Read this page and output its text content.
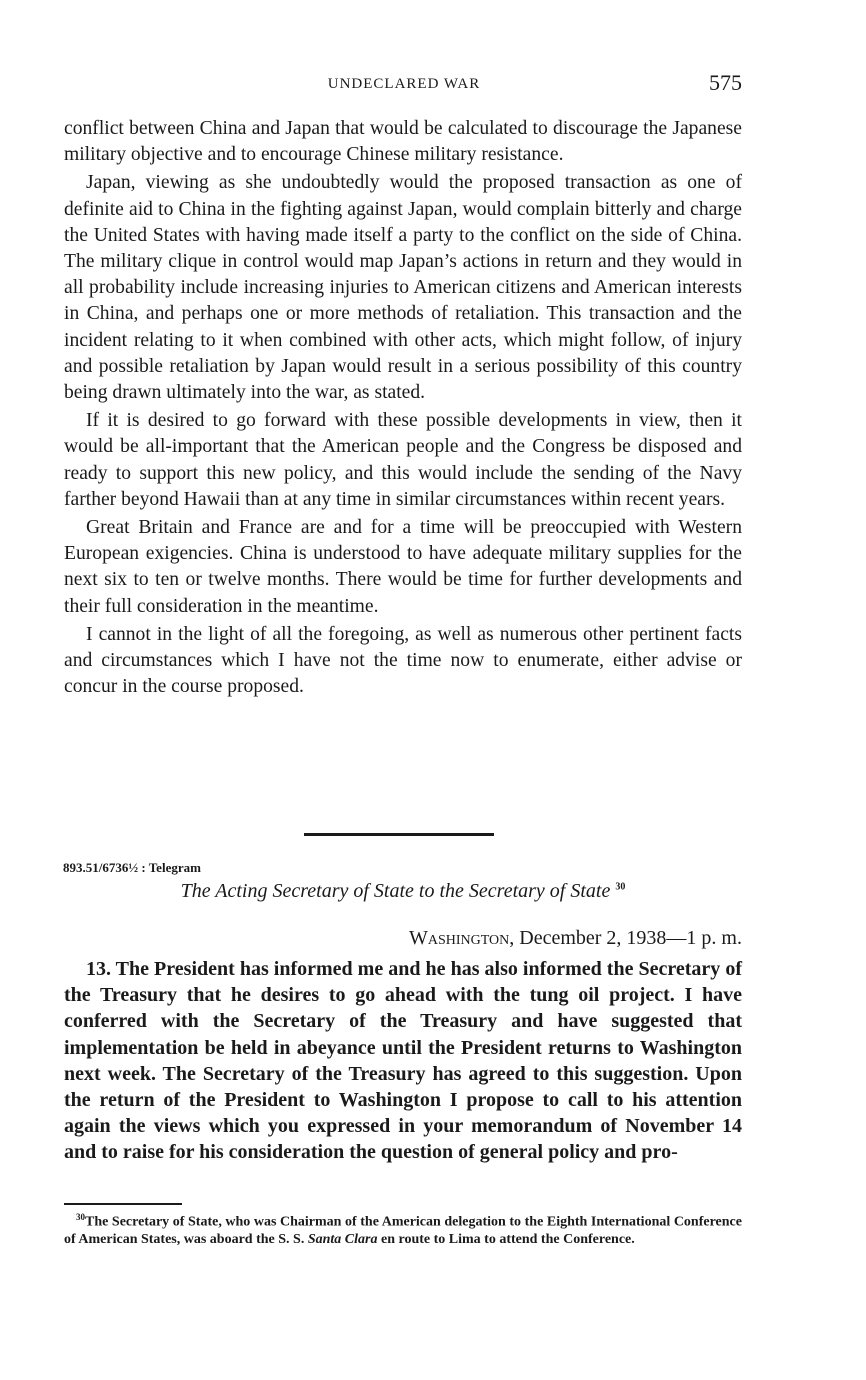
UNDECLARED WAR	575

conflict between China and Japan that would be calculated to discourage the Japanese military objective and to encourage Chinese military resistance.

Japan, viewing as she undoubtedly would the proposed transaction as one of definite aid to China in the fighting against Japan, would complain bitterly and charge the United States with having made itself a party to the conflict on the side of China. The military clique in control would map Japan’s actions in return and they would in all probability include increasing injuries to American citizens and American interests in China, and perhaps one or more methods of retaliation. This transaction and the incident relating to it when combined with other acts, which might follow, of injury and possible retaliation by Japan would result in a serious possibility of this country being drawn ultimately into the war, as stated.

If it is desired to go forward with these possible developments in view, then it would be all-important that the American people and the Congress be disposed and ready to support this new policy, and this would include the sending of the Navy farther beyond Hawaii than at any time in similar circumstances within recent years.

Great Britain and France are and for a time will be preoccupied with Western European exigencies. China is understood to have adequate military supplies for the next six to ten or twelve months. There would be time for further developments and their full consideration in the meantime.

I cannot in the light of all the foregoing, as well as numerous other pertinent facts and circumstances which I have not the time now to enumerate, either advise or concur in the course proposed.

893.51/6736½ : Telegram
The Acting Secretary of State to the Secretary of State $^{30}$
Washington, December 2, 1938—1 p. m.

13. The President has informed me and he has also informed the Secretary of the Treasury that he desires to go ahead with the tung oil project. I have conferred with the Secretary of the Treasury and have suggested that implementation be held in abeyance until the President returns to Washington next week. The Secretary of the Treasury has agreed to this suggestion. Upon the return of the President to Washington I propose to call to his attention again the views which you expressed in your memorandum of November 14 and to raise for his consideration the question of general policy and pro-

$^{30}$The Secretary of State, who was Chairman of the American delegation to the Eighth International Conference of American States, was aboard the S. S. Santa Clara en route to Lima to attend the Conference.
